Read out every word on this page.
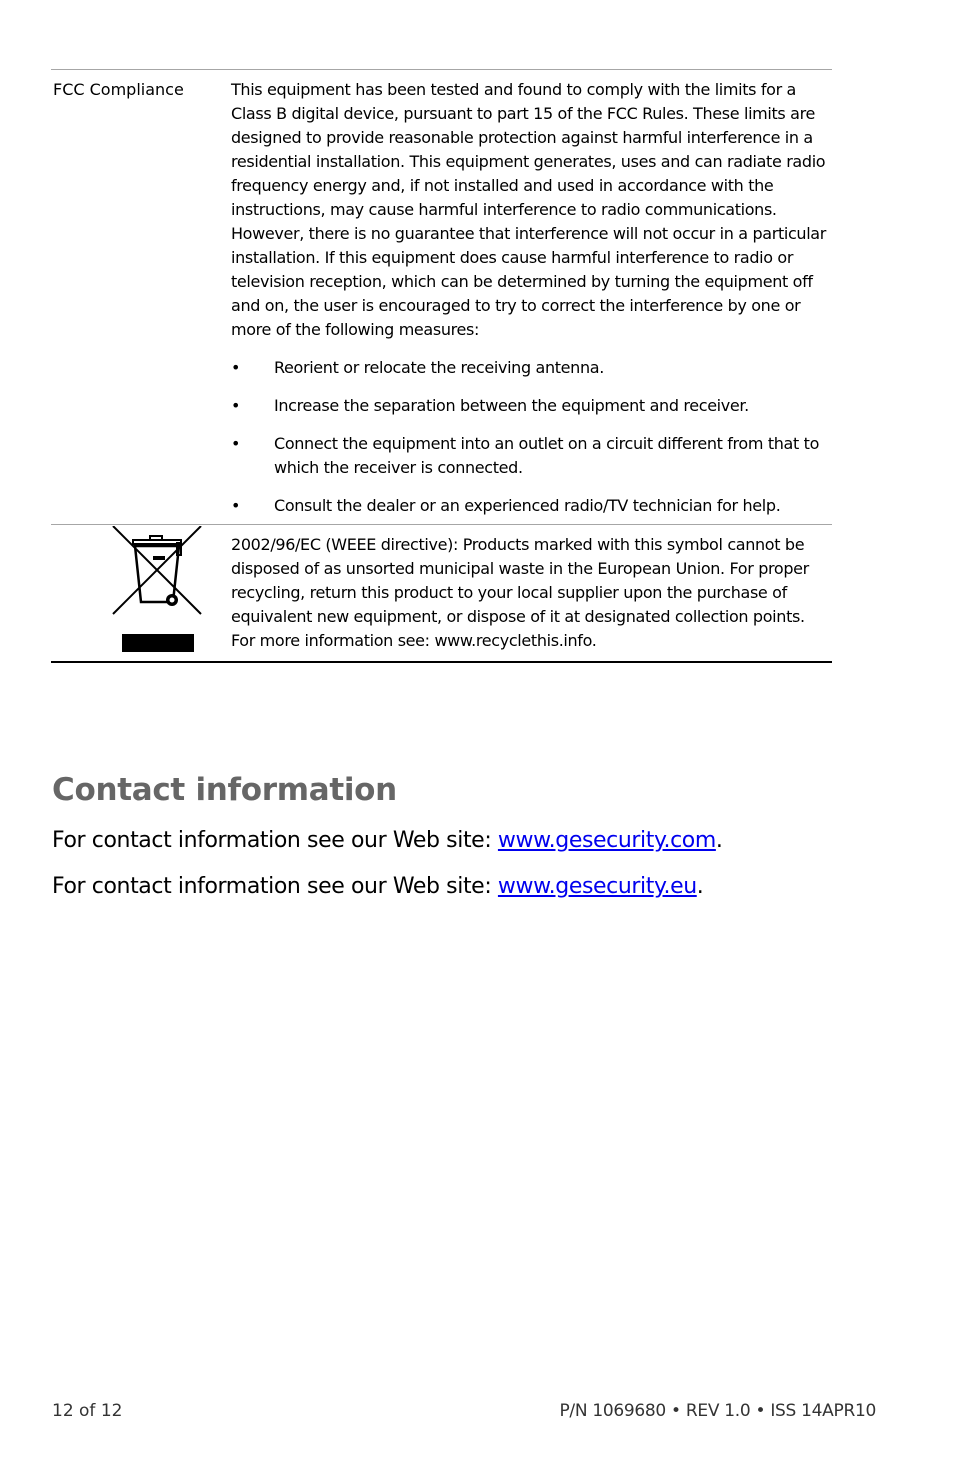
FCC Compliance	This equipment has been tested and found to comply with the limits for a Class B digital device, pursuant to part 15 of the FCC Rules. These limits are designed to provide reasonable protection against harmful interference in a residential installation. This equipment generates, uses and can radiate radio frequency energy and, if not installed and used in accordance with the instructions, may cause harmful interference to radio communications. However, there is no guarantee that interference will not occur in a particular installation. If this equipment does cause harmful interference to radio or television reception, which can be determined by turning the equipment off and on, the user is encouraged to try to correct the interference by one or more of the following measures:

• Reorient or relocate the receiving antenna.
• Increase the separation between the equipment and receiver.
• Connect the equipment into an outlet on a circuit different from that to which the receiver is connected.
• Consult the dealer or an experienced radio/TV technician for help.
2002/96/EC (WEEE directive): Products marked with this symbol cannot be disposed of as unsorted municipal waste in the European Union. For proper recycling, return this product to your local supplier upon the purchase of equivalent new equipment, or dispose of it at designated collection points. For more information see: www.recyclethis.info.
Contact information

For contact information see our Web site: www.gesecurity.com.

For contact information see our Web site: www.gesecurity.eu.

12 of 12	P/N 1069680 • REV 1.0 • ISS 14APR10
